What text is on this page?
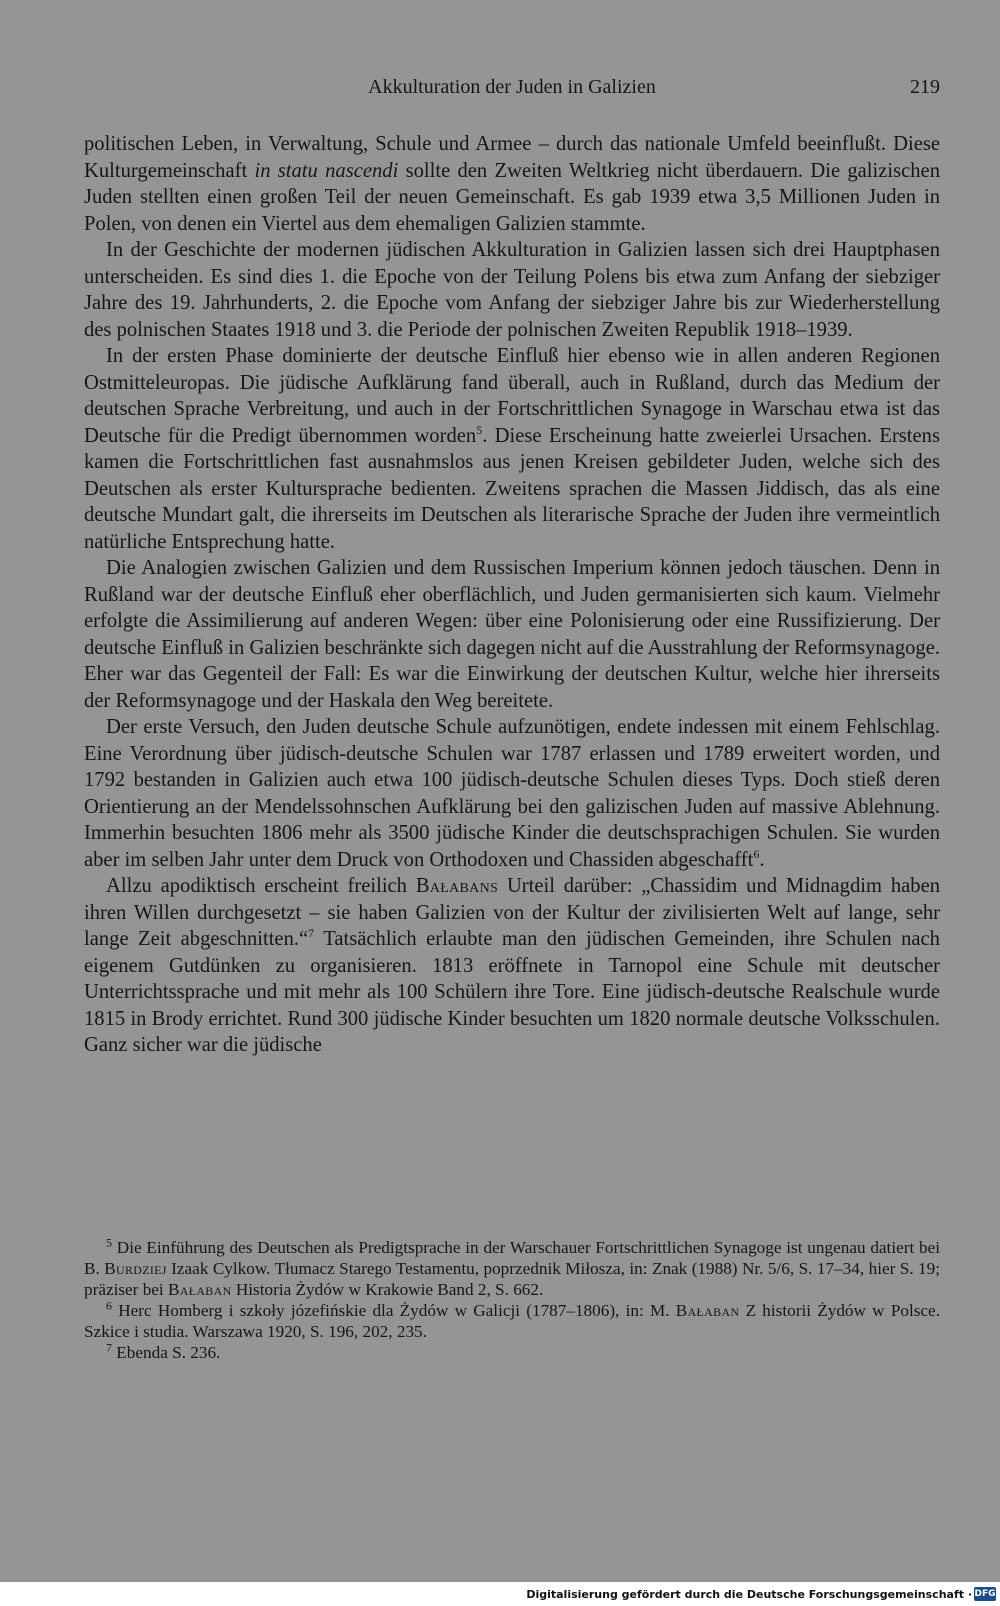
Akkulturation der Juden in Galizien	219

politischen Leben, in Verwaltung, Schule und Armee – durch das nationale Umfeld beeinflußt. Diese Kulturgemeinschaft in statu nascendi sollte den Zweiten Weltkrieg nicht überdauern. Die galizischen Juden stellten einen großen Teil der neuen Gemeinschaft. Es gab 1939 etwa 3,5 Millionen Juden in Polen, von denen ein Viertel aus dem ehemaligen Galizien stammte.

In der Geschichte der modernen jüdischen Akkulturation in Galizien lassen sich drei Hauptphasen unterscheiden. Es sind dies 1. die Epoche von der Teilung Polens bis etwa zum Anfang der siebziger Jahre des 19. Jahrhunderts, 2. die Epoche vom Anfang der siebziger Jahre bis zur Wiederherstellung des polnischen Staates 1918 und 3. die Periode der polnischen Zweiten Republik 1918–1939.

In der ersten Phase dominierte der deutsche Einfluß hier ebenso wie in allen anderen Regionen Ostmitteleuropas. Die jüdische Aufklärung fand überall, auch in Rußland, durch das Medium der deutschen Sprache Verbreitung, und auch in der Fortschrittlichen Synagoge in Warschau etwa ist das Deutsche für die Predigt übernommen worden$^5$. Diese Erscheinung hatte zweierlei Ursachen. Erstens kamen die Fortschrittlichen fast ausnahmslos aus jenen Kreisen gebildeter Juden, welche sich des Deutschen als erster Kultursprache bedienten. Zweitens sprachen die Massen Jiddisch, das als eine deutsche Mundart galt, die ihrerseits im Deutschen als literarische Sprache der Juden ihre vermeintlich natürliche Entsprechung hatte.

Die Analogien zwischen Galizien und dem Russischen Imperium können jedoch täuschen. Denn in Rußland war der deutsche Einfluß eher oberflächlich, und Juden germanisierten sich kaum. Vielmehr erfolgte die Assimilierung auf anderen Wegen: über eine Polonisierung oder eine Russifizierung. Der deutsche Einfluß in Galizien beschränkte sich dagegen nicht auf die Ausstrahlung der Reformsynagoge. Eher war das Gegenteil der Fall: Es war die Einwirkung der deutschen Kultur, welche hier ihrerseits der Reformsynagoge und der Haskala den Weg bereitete.

Der erste Versuch, den Juden deutsche Schule aufzunötigen, endete indessen mit einem Fehlschlag. Eine Verordnung über jüdisch-deutsche Schulen war 1787 erlassen und 1789 erweitert worden, und 1792 bestanden in Galizien auch etwa 100 jüdisch-deutsche Schulen dieses Typs. Doch stieß deren Orientierung an der Mendelssohnschen Aufklärung bei den galizischen Juden auf massive Ablehnung. Immerhin besuchten 1806 mehr als 3500 jüdische Kinder die deutschsprachigen Schulen. Sie wurden aber im selben Jahr unter dem Druck von Orthodoxen und Chassiden abgeschafft$^6$.

Allzu apodiktisch erscheint freilich Bałabans Urteil darüber: „Chassidim und Midnagdim haben ihren Willen durchgesetzt – sie haben Galizien von der Kultur der zivilisierten Welt auf lange, sehr lange Zeit abgeschnitten.“$^7$ Tatsächlich erlaubte man den jüdischen Gemeinden, ihre Schulen nach eigenem Gutdünken zu organisieren. 1813 eröffnete in Tarnopol eine Schule mit deutscher Unterrichtssprache und mit mehr als 100 Schülern ihre Tore. Eine jüdisch-deutsche Realschule wurde 1815 in Brody errichtet. Rund 300 jüdische Kinder besuchten um 1820 normale deutsche Volksschulen. Ganz sicher war die jüdische

$^5$ Die Einführung des Deutschen als Predigtsprache in der Warschauer Fortschrittlichen Synagoge ist ungenau datiert bei B. Burdziej Izaak Cylkow. Tłumacz Starego Testamentu, poprzednik Miłosza, in: Znak (1988) Nr. 5/6, S. 17–34, hier S. 19; präziser bei Bałaban Historia Żydów w Krakowie Band 2, S. 662.

$^6$ Herc Homberg i szkoły józefińskie dla Żydów w Galicji (1787–1806), in: M. Bałaban Z historii Żydów w Polsce. Szkice i studia. Warszawa 1920, S. 196, 202, 235.

$^7$ Ebenda S. 236.

Digitalisierung gefördert durch die Deutsche Forschungsgemeinschaft · DFG
